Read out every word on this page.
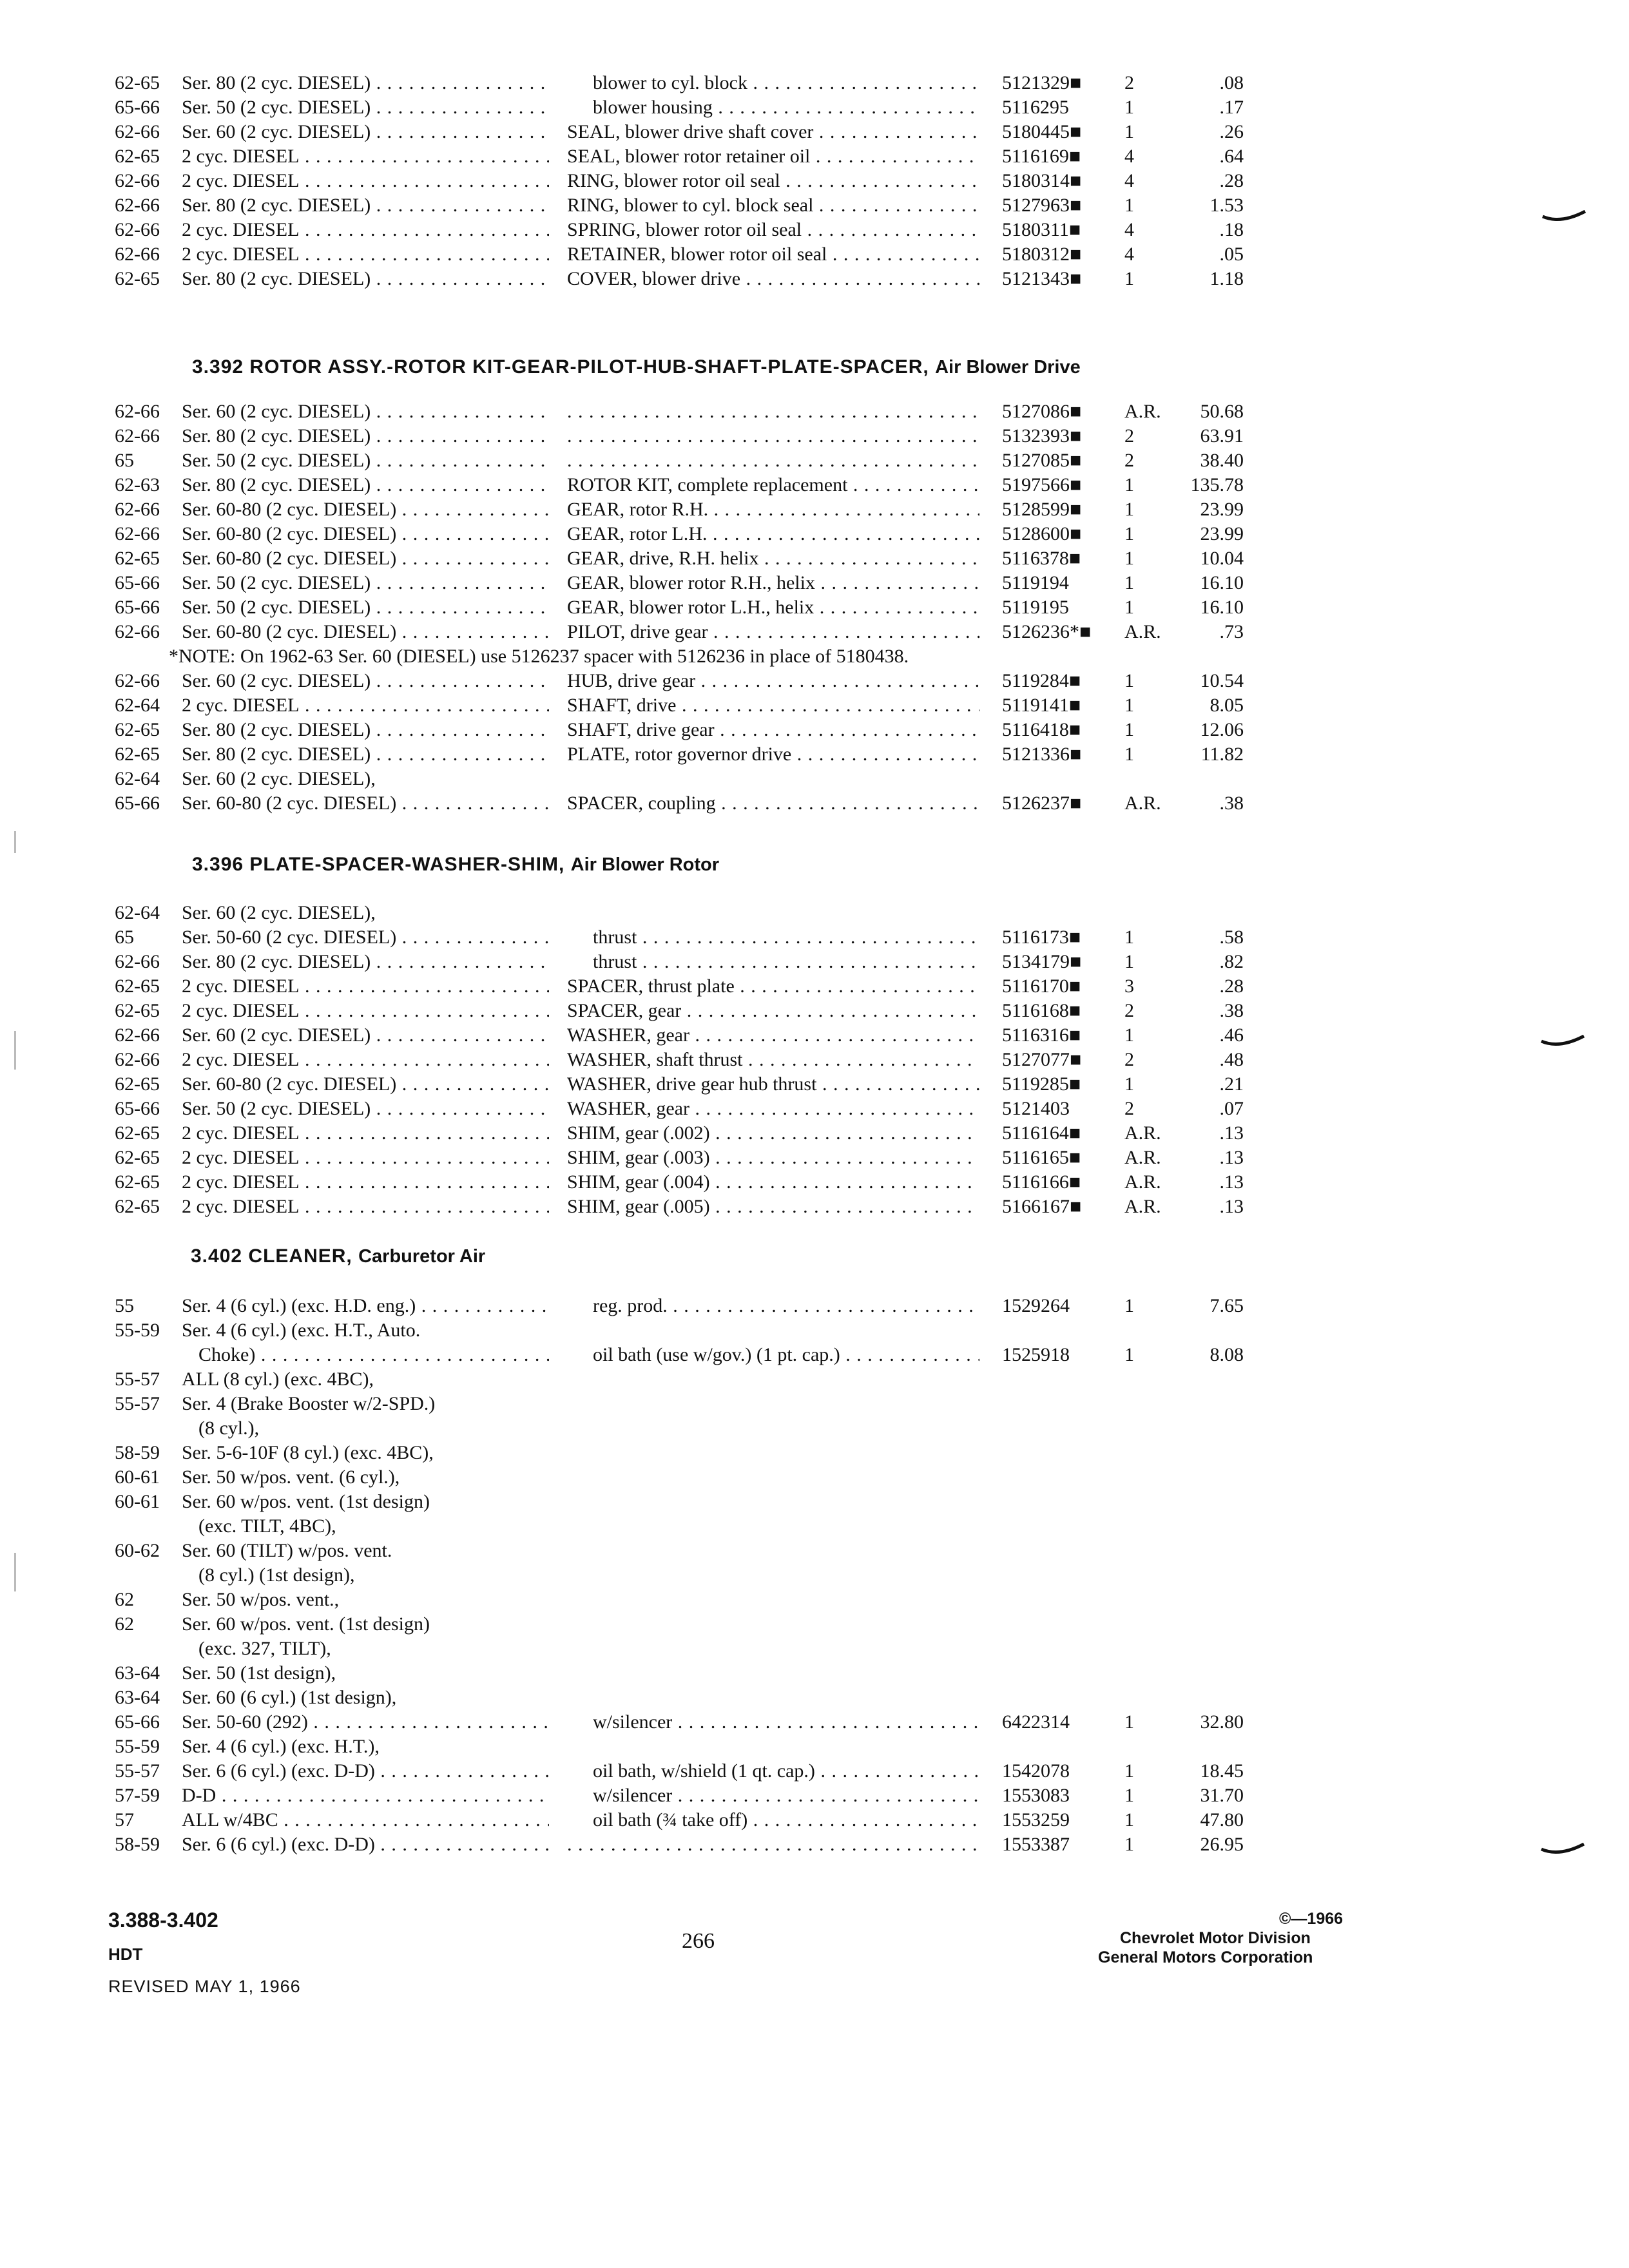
62-65 Ser. 80 (2 cyc. DIESEL) . . .	blower to cyl. block . . .	5121329■ 2	.08
65-66 Ser. 50 (2 cyc. DIESEL) . . .	blower housing . . .	5116295	1	.17
62-66 Ser. 60 (2 cyc. DIESEL) . . .	SEAL, blower drive shaft cover . . .	5180445■ 1	.26
62-65 2 cyc. DIESEL . . .	SEAL, blower rotor retainer oil . . .	5116169■ 4	.64
62-66 2 cyc. DIESEL . . .	RING, blower rotor oil seal . . .	5180314■ 4	.28
62-66 Ser. 80 (2 cyc. DIESEL) . . .	RING, blower to cyl. block seal . . .	5127963■ 1	1.53
62-66 2 cyc. DIESEL . . .	SPRING, blower rotor oil seal . . .	5180311■ 4	.18
62-66 2 cyc. DIESEL . . .	RETAINER, blower rotor oil seal . . .	5180312■ 4	.05
62-65 Ser. 80 (2 cyc. DIESEL) . . .	COVER, blower drive . . .	5121343■ 1	1.18
3.392 ROTOR ASSY.-ROTOR KIT-GEAR-PILOT-HUB-SHAFT-PLATE-SPACER, Air Blower Drive
62-66 Ser. 60 (2 cyc. DIESEL) . . . . . .	5127086■ A.R.	50.68
62-66 Ser. 80 (2 cyc. DIESEL) . . . . . .	5132393■ 2	63.91
65 Ser. 50 (2 cyc. DIESEL) . . . . . .	5127085■ 2	38.40
62-63 Ser. 80 (2 cyc. DIESEL) . . .	ROTOR KIT, complete replacement . . .	5197566■ 1	135.78
62-66 Ser. 60-80 (2 cyc. DIESEL) . . .	GEAR, rotor R.H. . . .	5128599■ 1	23.99
62-66 Ser. 60-80 (2 cyc. DIESEL) . . .	GEAR, rotor L.H. . . .	5128600■ 1	23.99
62-65 Ser. 60-80 (2 cyc. DIESEL) . . .	GEAR, drive, R.H. helix . . .	5116378■ 1	10.04
65-66 Ser. 50 (2 cyc. DIESEL) . . .	GEAR, blower rotor R.H., helix . . .	5119194	1	16.10
65-66 Ser. 50 (2 cyc. DIESEL) . . .	GEAR, blower rotor L.H., helix . . .	5119195	1	16.10
62-66 Ser. 60-80 (2 cyc. DIESEL) . . .	PILOT, drive gear . . .	5126236*■ A.R.	.73
*NOTE: On 1962-63 Ser. 60 (DIESEL) use 5126237 spacer with 5126236 in place of 5180438.
62-66 Ser. 60 (2 cyc. DIESEL) . . .	HUB, drive gear . . .	5119284■ 1	10.54
62-64 2 cyc. DIESEL . . .	SHAFT, drive . . .	5119141■ 1	8.05
62-65 Ser. 80 (2 cyc. DIESEL) . . .	SHAFT, drive gear . . .	5116418■ 1	12.06
62-65 Ser. 80 (2 cyc. DIESEL) . . .	PLATE, rotor governor drive . . .	5121336■ 1	11.82
62-64 Ser. 60 (2 cyc. DIESEL),
65-66 Ser. 60-80 (2 cyc. DIESEL) . . .	SPACER, coupling . . .	5126237■ A.R.	.38
3.396 PLATE-SPACER-WASHER-SHIM, Air Blower Rotor
62-64 Ser. 60 (2 cyc. DIESEL),
65 Ser. 50-60 (2 cyc. DIESEL) . . .	thrust . . .	5116173■ 1	.58
62-66 Ser. 80 (2 cyc. DIESEL) . . .	thrust . . .	5134179■ 1	.82
62-65 2 cyc. DIESEL . . .	SPACER, thrust plate . . .	5116170■ 3	.28
62-65 2 cyc. DIESEL . . .	SPACER, gear . . .	5116168■ 2	.38
62-66 Ser. 60 (2 cyc. DIESEL) . . .	WASHER, gear . . .	5116316■ 1	.46
62-66 2 cyc. DIESEL . . .	WASHER, shaft thrust . . .	5127077■ 2	.48
62-65 Ser. 60-80 (2 cyc. DIESEL) . . .	WASHER, drive gear hub thrust . . .	5119285■ 1	.21
65-66 Ser. 50 (2 cyc. DIESEL) . . .	WASHER, gear . . .	5121403	2	.07
62-65 2 cyc. DIESEL . . .	SHIM, gear (.002) . . .	5116164■ A.R.	.13
62-65 2 cyc. DIESEL . . .	SHIM, gear (.003) . . .	5116165■ A.R.	.13
62-65 2 cyc. DIESEL . . .	SHIM, gear (.004) . . .	5116166■ A.R.	.13
62-65 2 cyc. DIESEL . . .	SHIM, gear (.005) . . .	5166167■ A.R.	.13
3.402 CLEANER, Carburetor Air
55 Ser. 4 (6 cyl.) (exc. H.D. eng.) . . .	reg. prod. . . .	1529264	1	7.65
55-59 Ser. 4 (6 cyl.) (exc. H.T., Auto.
Choke) . . .	oil bath (use w/gov.) (1 pt. cap.) . . .	1525918	1	8.08
55-57 ALL (8 cyl.) (exc. 4BC),
55-57 Ser. 4 (Brake Booster w/2-SPD.)
(8 cyl.),
58-59 Ser. 5-6-10F (8 cyl.) (exc. 4BC),
60-61 Ser. 50 w/pos. vent. (6 cyl.),
60-61 Ser. 60 w/pos. vent. (1st design)
(exc. TILT, 4BC),
60-62 Ser. 60 (TILT) w/pos. vent.
(8 cyl.) (1st design),
62 Ser. 50 w/pos. vent.,
62 Ser. 60 w/pos. vent. (1st design)
(exc. 327, TILT),
63-64 Ser. 50 (1st design),
63-64 Ser. 60 (6 cyl.) (1st design),
65-66 Ser. 50-60 (292) . . .	w/silencer . . .	6422314	1	32.80
55-59 Ser. 4 (6 cyl.) (exc. H.T.),
55-57 Ser. 6 (6 cyl.) (exc. D-D) . . .	oil bath, w/shield (1 qt. cap.) . . .	1542078	1	18.45
57-59 D-D . . .	w/silencer . . .	1553083	1	31.70
57 ALL w/4BC . . .	oil bath (¾ take off) . . .	1553259	1	47.80
58-59 Ser. 6 (6 cyl.) (exc. D-D) . . . . . .	1553387	1	26.95
3.388-3.402
HDT
REVISED MAY 1, 1966
266
©—1966
Chevrolet Motor Division
General Motors Corporation
